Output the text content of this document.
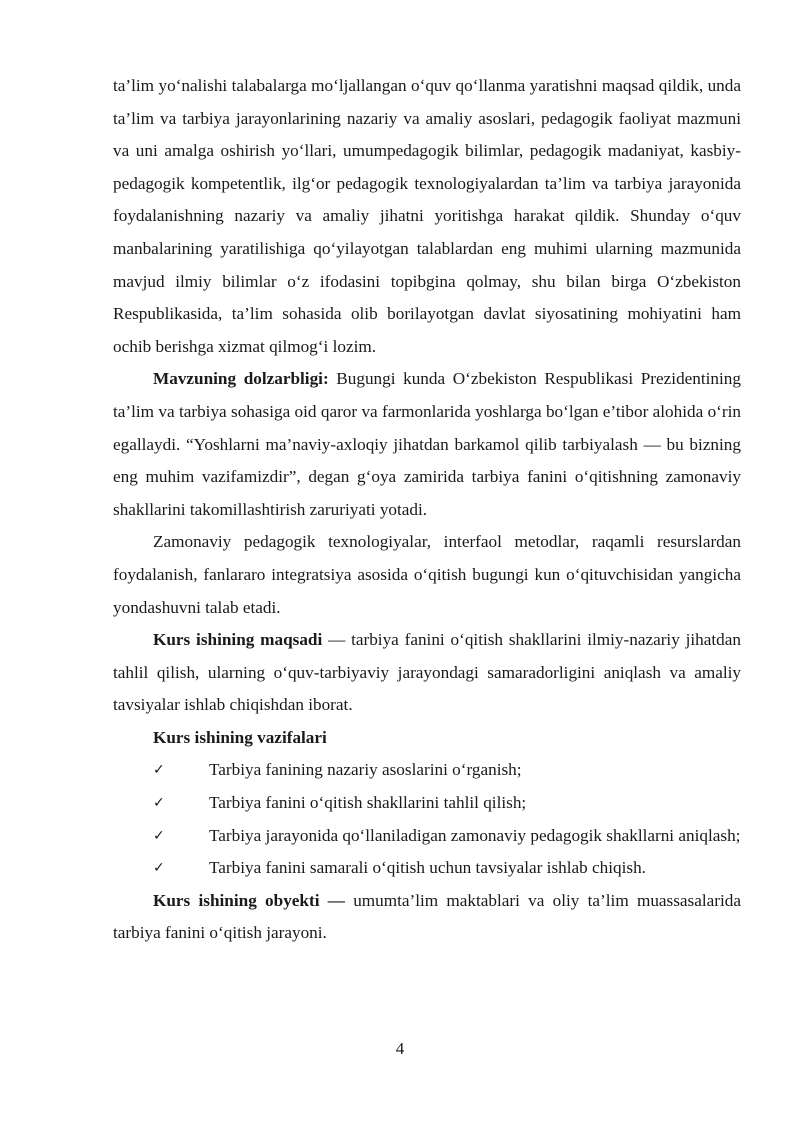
ta’lim yo‘nalishi talabalarga mo‘ljallangan o‘quv qo‘llanma yaratishni maqsad qildik, unda ta’lim va tarbiya jarayonlarining nazariy va amaliy asoslari, pedagogik faoliyat mazmuni va uni amalga oshirish yo‘llari, umumpedagogik bilimlar, pedagogik madaniyat, kasbiy-pedagogik kompetentlik, ilg‘or pedagogik texnologiyalardan ta’lim va tarbiya jarayonida foydalanishning nazariy va amaliy jihatni yoritishga harakat qildik. Shunday o‘quv manbalarining yaratilishiga qo‘yilayotgan talablardan eng muhimi ularning mazmunida mavjud ilmiy bilimlar o‘z ifodasini topibgina qolmay, shu bilan birga O‘zbekiston Respublikasida, ta’lim sohasida olib borilayotgan davlat siyosatining mohiyatini ham ochib berishga xizmat qilmog‘i lozim.

Mavzuning dolzarbligi: Bugungi kunda O‘zbekiston Respublikasi Prezidentining ta’lim va tarbiya sohasiga oid qaror va farmonlarida yoshlarga bo‘lgan e’tibor alohida o‘rin egallaydi. “Yoshlarni ma’naviy-axloqiy jihatdan barkamol qilib tarbiyalash — bu bizning eng muhim vazifamizdir”, degan g‘oya zamirida tarbiya fanini o‘qitishning zamonaviy shakllarini takomillashtirish zaruriyati yotadi.

Zamonaviy pedagogik texnologiyalar, interfaol metodlar, raqamli resurslardan foydalanish, fanlararo integratsiya asosida o‘qitish bugungi kun o‘qituvchisidan yangicha yondashuvni talab etadi.

Kurs ishining maqsadi — tarbiya fanini o‘qitish shakllarini ilmiy-nazariy jihatdan tahlil qilish, ularning o‘quv-tarbiyaviy jarayondagi samaradorligini aniqlash va amaliy tavsiyalar ishlab chiqishdan iborat.

Kurs ishining vazifalari

✓	Tarbiya fanining nazariy asoslarini o‘rganish;

✓	Tarbiya fanini o‘qitish shakllarini tahlil qilish;

✓	Tarbiya jarayonida qo‘llaniladigan zamonaviy pedagogik shakllarni aniqlash;

✓	Tarbiya fanini samarali o‘qitish uchun tavsiyalar ishlab chiqish.

Kurs ishining obyekti — umumta’lim maktablari va oliy ta’lim muassasalarida tarbiya fanini o‘qitish jarayoni.

4
